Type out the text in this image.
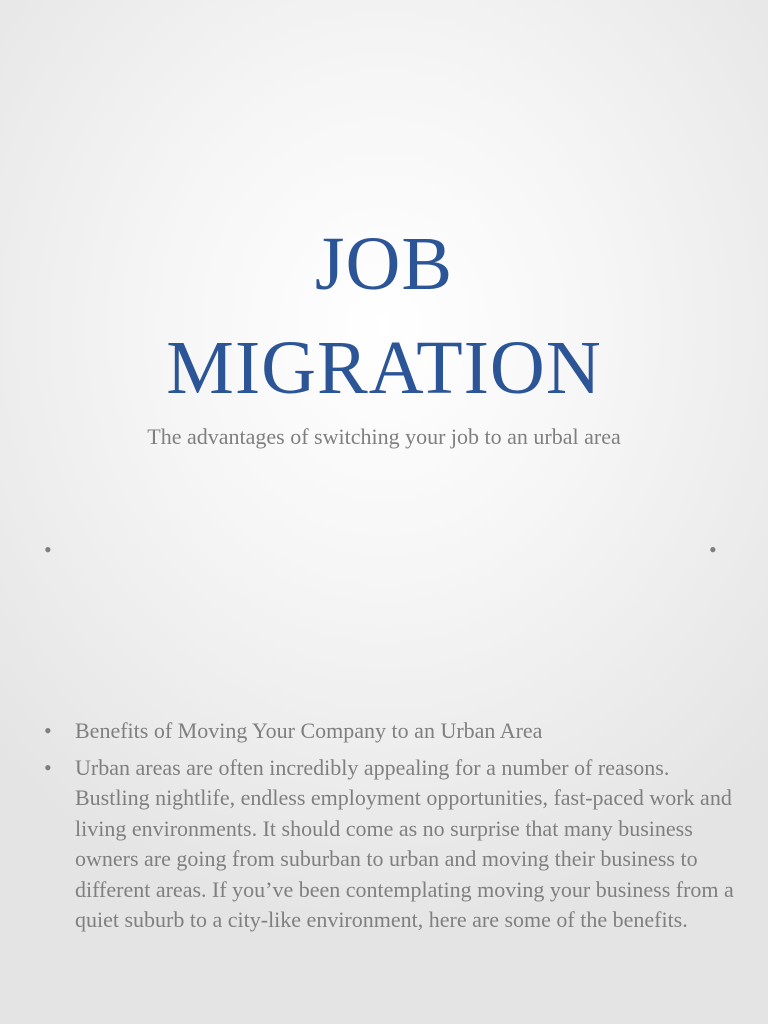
JOB
MIGRATION
The advantages of switching your job to an urbal area
•	•
• Benefits of Moving Your Company to an Urban Area
• Urban areas are often incredibly appealing for a number of reasons. Bustling nightlife, endless employment opportunities, fast-paced work and living environments. It should come as no surprise that many business owners are going from suburban to urban and moving their business to different areas. If you’ve been contemplating moving your business from a quiet suburb to a city-like environment, here are some of the benefits.
